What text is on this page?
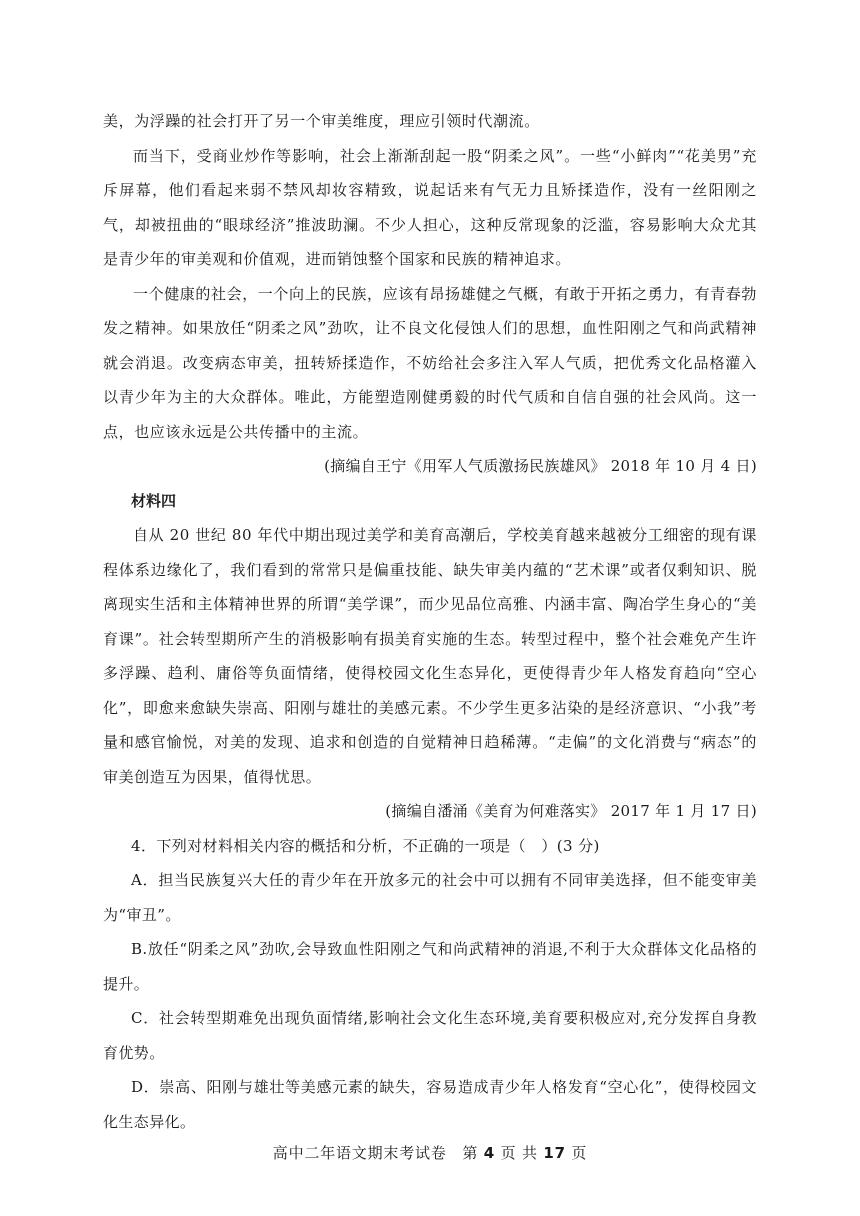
美，为浮躁的社会打开了另一个审美维度，理应引领时代潮流。

而当下，受商业炒作等影响，社会上渐渐刮起一股“阴柔之风”。一些“小鲜肉”“花美男”充斥屏幕，他们看起来弱不禁风却妆容精致，说起话来有气无力且矫揉造作，没有一丝阳刚之气，却被扭曲的“眼球经济”推波助澜。不少人担心，这种反常现象的泛滥，容易影响大众尤其是青少年的审美观和价值观，进而销蚀整个国家和民族的精神追求。

一个健康的社会，一个向上的民族，应该有昂扬雄健之气概，有敢于开拓之勇力，有青春勃发之精神。如果放任“阴柔之风”劲吹，让不良文化侵蚀人们的思想，血性阳刚之气和尚武精神就会消退。改变病态审美，扭转矫揉造作，不妨给社会多注入军人气质，把优秀文化品格灌入以青少年为主的大众群体。唯此，方能塑造刚健勇毅的时代气质和自信自强的社会风尚。这一点，也应该永远是公共传播中的主流。

(摘编自王宁《用军人气质激扬民族雄风》 2018 年 10 月 4 日)

材料四

自从 20 世纪 80 年代中期出现过美学和美育高潮后，学校美育越来越被分工细密的现有课程体系边缘化了，我们看到的常常只是偏重技能、缺失审美内蕴的“艺术课”或者仅剩知识、脱离现实生活和主体精神世界的所谓“美学课”，而少见品位高雅、内涵丰富、陶冶学生身心的“美育课”。社会转型期所产生的消极影响有损美育实施的生态。转型过程中，整个社会难免产生许多浮躁、趋利、庸俗等负面情绪，使得校园文化生态异化，更使得青少年人格发育趋向“空心化”，即愈来愈缺失崇高、阳刚与雄壮的美感元素。不少学生更多沾染的是经济意识、“小我”考量和感官愉悦，对美的发现、追求和创造的自觉精神日趋稀薄。“走偏”的文化消费与“病态”的审美创造互为因果，值得忧思。

(摘编自潘涌《美育为何难落实》 2017 年 1 月 17 日)

4．下列对材料相关内容的概括和分析，不正确的一项是（　）(3 分)

A．担当民族复兴大任的青少年在开放多元的社会中可以拥有不同审美选择，但不能变审美为“审丑”。

B.放任“阴柔之风”劲吹,会导致血性阳刚之气和尚武精神的消退,不利于大众群体文化品格的提升。

C．社会转型期难免出现负面情绪,影响社会文化生态环境,美育要积极应对,充分发挥自身教育优势。

D．崇高、阳刚与雄壮等美感元素的缺失，容易造成青少年人格发育“空心化”，使得校园文化生态异化。

高中二年语文期末考试卷　第 4 页 共 17 页
